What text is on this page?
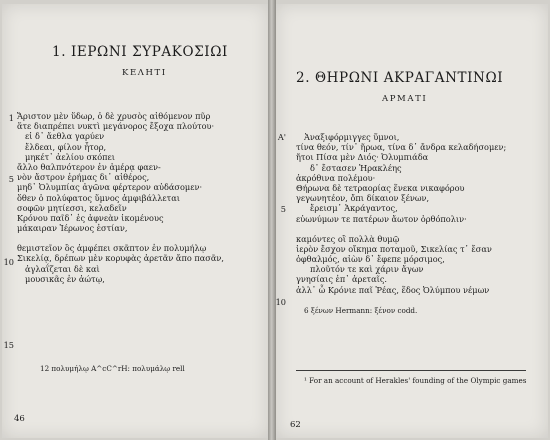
1. ΙΕΡΩΝΙ ΣΥΡΑΚΟΣΙΩΙ
ΚΕΛΗΤΙ
1
5
10
15
Ἄριστον μὲν ὕδωρ, ὁ δὲ χρυσὸς αἰθόμενον πῦρ
ἅτε διαπρέπει νυκτὶ μεγάνορος ἔξοχα πλούτου·
εἰ δ᾽ ἄεθλα γαρύεν
ἔλδεαι, φίλον ἦτορ,
μηκέτ᾽ ἀελίου σκόπει
ἄλλο θαλπνότερον ἐν ἀμέρᾳ φαεν-
νὸν ἄστρον ἐρήμας δι᾽ αἰθέρος,
μηδ᾽ Ὀλυμπίας ἀγῶνα φέρτερον αὐδάσομεν·
ὅθεν ὁ πολύφατος ὕμνος ἀμφιβάλλεται
σοφῶν μητίεσσι, κελαδεῖν
Κρόνου παῖδ᾽ ἐς ἀφνεὰν ἱκομένους
μάκαιραν Ἱέρωνος ἑστίαν,
θεμιστεῖον ὃς ἀμφέπει σκᾶπτον ἐν πολυμήλῳ
Σικελίᾳ, δρέπων μὲν κορυφὰς ἀρετᾶν ἄπο πασᾶν,
ἀγλαΐζεται δὲ καὶ
μουσικᾶς ἐν ἀώτῳ,
12 πολυμήλῳ A^cC^rH: πολυμάλῳ rell
46
2. ΘΗΡΩΝΙ ΑΚΡΑΓΑΝΤΙΝΩΙ
ΑΡΜΑΤΙ
A'
5
10
Ἀναξιφόρμιγγες ὕμνοι,
τίνα θεόν, τίν᾽ ἥρωα, τίνα δ᾽ ἄνδρα κελαδήσομεν;
ἤτοι Πίσα μὲν Διός· Ὀλυμπιάδα
δ᾽ ἔστασεν Ἡρακλέης
ἀκρόθινα πολέμου·
Θήρωνα δὲ τετραορίας ἕνεκα νικαφόρου
γεγωνητέον, ὄπι δίκαιον ξένων,
ἔρεισμ᾽ Ἀκράγαντος,
εὐωνύμων τε πατέρων ἄωτον ὀρθόπολιν·
καμόντες οἳ πολλὰ θυμῷ
ἱερὸν ἔσχον οἴκημα ποταμοῦ, Σικελίας τ᾽ ἔσαν
ὀφθαλμός, αἰὼν δ᾽ ἔφεπε μόρσιμος,
πλοῦτόν τε καὶ χάριν ἄγων
γνησίαις ἐπ᾽ ἀρεταῖς.
ἀλλ᾽ ὦ Κρόνιε παῖ Ῥέας, ἕδος Ὀλύμπου νέμων
6 ξένων Hermann: ξένον codd.
¹ For an account of Herakles' founding of the Olympic games
62
